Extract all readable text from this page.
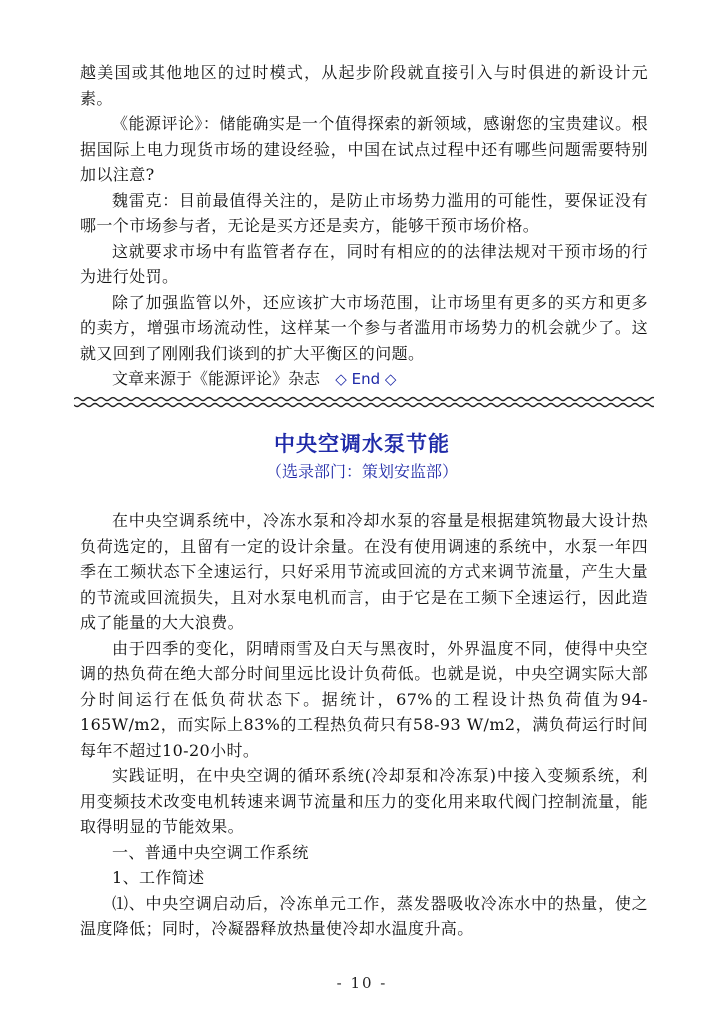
越美国或其他地区的过时模式，从起步阶段就直接引入与时俱进的新设计元素。

《能源评论》：储能确实是一个值得探索的新领域，感谢您的宝贵建议。根据国际上电力现货市场的建设经验，中国在试点过程中还有哪些问题需要特别加以注意?

魏雷克：目前最值得关注的，是防止市场势力滥用的可能性，要保证没有哪一个市场参与者，无论是买方还是卖方，能够干预市场价格。

这就要求市场中有监管者存在，同时有相应的的法律法规对干预市场的行为进行处罚。

除了加强监管以外，还应该扩大市场范围，让市场里有更多的买方和更多的卖方，增强市场流动性，这样某一个参与者滥用市场势力的机会就少了。这就又回到了刚刚我们谈到的扩大平衡区的问题。

文章来源于《能源评论》杂志 ◇ End ◇

中央空调水泵节能

（选录部门：策划安监部）

在中央空调系统中，冷冻水泵和冷却水泵的容量是根据建筑物最大设计热负荷选定的，且留有一定的设计余量。在没有使用调速的系统中，水泵一年四季在工频状态下全速运行，只好采用节流或回流的方式来调节流量，产生大量的节流或回流损失，且对水泵电机而言，由于它是在工频下全速运行，因此造成了能量的大大浪费。

由于四季的变化，阴晴雨雪及白天与黑夜时，外界温度不同，使得中央空调的热负荷在绝大部分时间里远比设计负荷低。也就是说，中央空调实际大部分时间运行在低负荷状态下。据统计，67%的工程设计热负荷值为94-165W/m2，而实际上83%的工程热负荷只有58-93 W/m2，满负荷运行时间每年不超过10-20小时。

实践证明，在中央空调的循环系统(冷却泵和冷冻泵)中接入变频系统，利用变频技术改变电机转速来调节流量和压力的变化用来取代阀门控制流量，能取得明显的节能效果。

一、普通中央空调工作系统

1、工作简述

⑴、中央空调启动后，冷冻单元工作，蒸发器吸收冷冻水中的热量，使之温度降低；同时，冷凝器释放热量使冷却水温度升高。

- 10 -
